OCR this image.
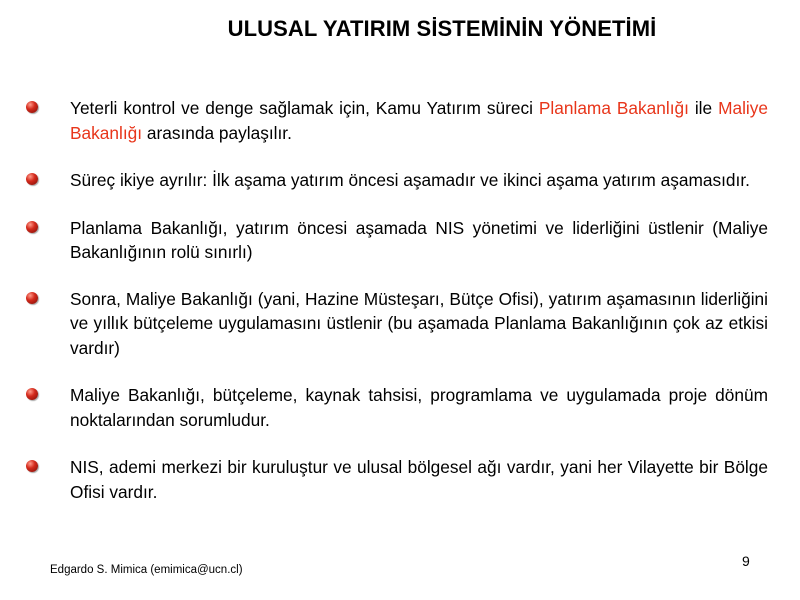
ULUSAL YATIRIM SİSTEMİNİN YÖNETİMİ
Yeterli kontrol ve denge sağlamak için, Kamu Yatırım süreci Planlama Bakanlığı ile Maliye Bakanlığı arasında paylaşılır.
Süreç ikiye ayrılır: İlk aşama yatırım öncesi aşamadır ve ikinci aşama yatırım aşamasıdır.
Planlama Bakanlığı, yatırım öncesi aşamada NIS yönetimi ve liderliğini üstlenir (Maliye Bakanlığının rolü sınırlı)
Sonra, Maliye Bakanlığı (yani, Hazine Müsteşarı, Bütçe Ofisi), yatırım aşamasının liderliğini ve yıllık bütçeleme uygulamasını üstlenir (bu aşamada Planlama Bakanlığının çok az etkisi vardır)
Maliye Bakanlığı, bütçeleme, kaynak tahsisi, programlama ve uygulamada proje dönüm noktalarından sorumludur.
NIS, ademi merkezi bir kuruluştur ve ulusal bölgesel ağı vardır, yani her Vilayette bir Bölge Ofisi vardır.
Edgardo S. Mimica (emimica@ucn.cl)
9
